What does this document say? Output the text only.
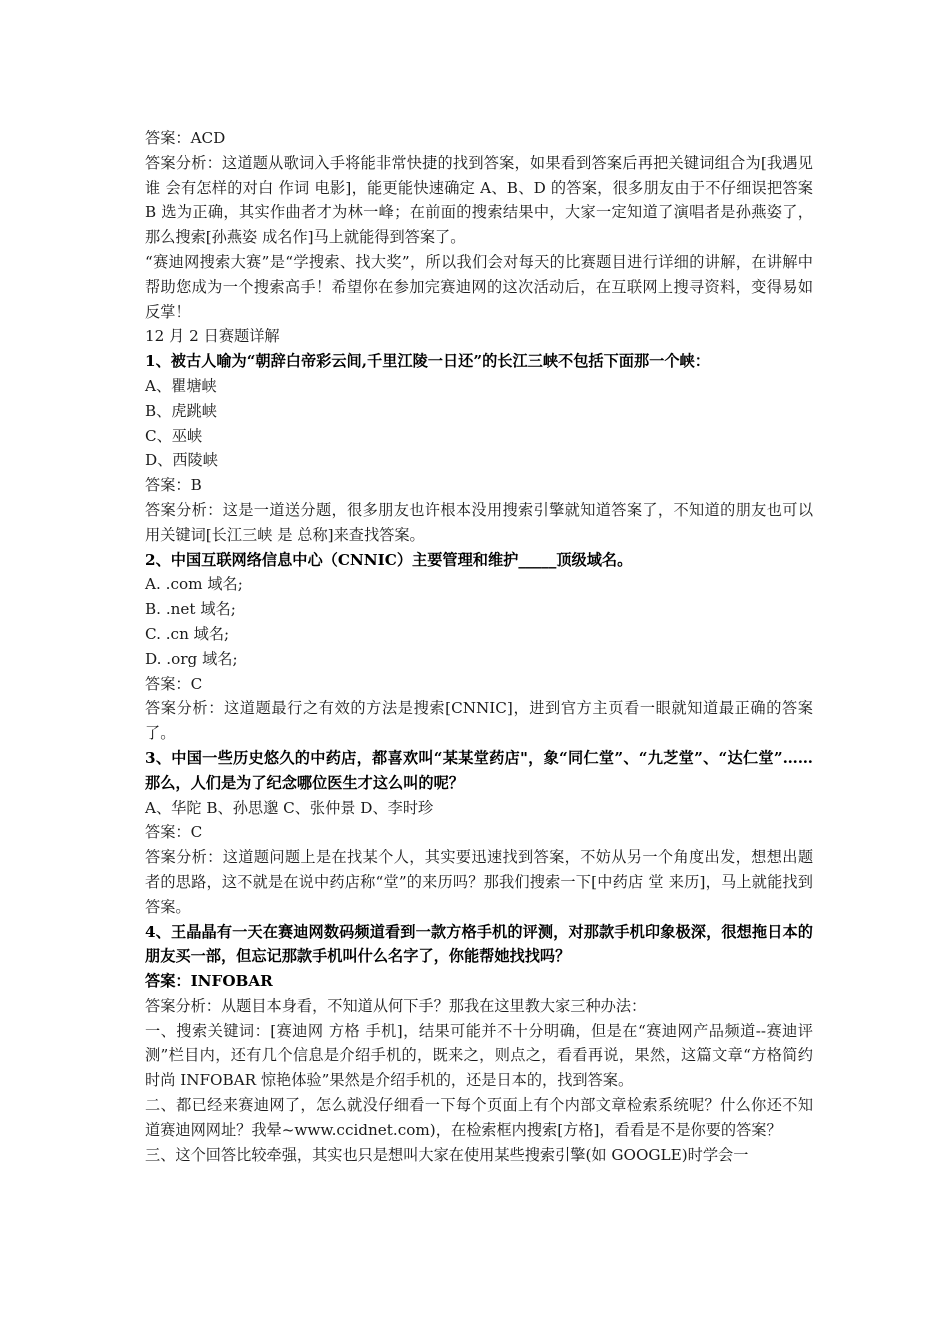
答案：ACD

答案分析：这道题从歌词入手将能非常快捷的找到答案，如果看到答案后再把关键词组合为[我遇见谁 会有怎样的对白 作词 电影]，能更能快速确定 A、B、D 的答案，很多朋友由于不仔细误把答案 B 选为正确，其实作曲者才为林一峰；在前面的搜索结果中，大家一定知道了演唱者是孙燕姿了，那么搜索[孙燕姿 成名作]马上就能得到答案了。

“赛迪网搜索大赛”是“学搜索、找大奖”，所以我们会对每天的比赛题目进行详细的讲解，在讲解中帮助您成为一个搜索高手！希望你在参加完赛迪网的这次活动后，在互联网上搜寻资料，变得易如反掌！

12 月 2 日赛题详解

1、被古人喻为“朝辞白帝彩云间,千里江陵一日还”的长江三峡不包括下面那一个峡：

A、瞿塘峡

B、虎跳峡

C、巫峡

D、西陵峡

答案：B

答案分析：这是一道送分题，很多朋友也许根本没用搜索引擎就知道答案了，不知道的朋友也可以用关键词[长江三峡 是 总称]来查找答案。

2、中国互联网络信息中心（CNNIC）主要管理和维护_____顶级域名。

A. .com 域名;

B. .net 域名;

C. .cn 域名;

D. .org 域名;

答案：C

答案分析：这道题最行之有效的方法是搜索[CNNIC]，进到官方主页看一眼就知道最正确的答案了。

3、中国一些历史悠久的中药店，都喜欢叫“某某堂药店"，象“同仁堂”、“九芝堂”、“达仁堂”……那么，人们是为了纪念哪位医生才这么叫的呢？

A、华陀 B、孙思邈 C、张仲景 D、李时珍

答案：C

答案分析：这道题问题上是在找某个人，其实要迅速找到答案，不妨从另一个角度出发，想想出题者的思路，这不就是在说中药店称“堂”的来历吗？那我们搜索一下[中药店 堂 来历]，马上就能找到答案。

4、王晶晶有一天在赛迪网数码频道看到一款方格手机的评测，对那款手机印象极深，很想拖日本的朋友买一部，但忘记那款手机叫什么名字了，你能帮她找找吗？

答案：INFOBAR

答案分析：从题目本身看，不知道从何下手？那我在这里教大家三种办法：

一、搜索关键词：[赛迪网 方格 手机]，结果可能并不十分明确，但是在“赛迪网产品频道--赛迪评测”栏目内，还有几个信息是介绍手机的，既来之，则点之，看看再说，果然，这篇文章“方格简约时尚 INFOBAR 惊艳体验”果然是介绍手机的，还是日本的，找到答案。

二、都已经来赛迪网了，怎么就没仔细看一下每个页面上有个内部文章检索系统呢？什么你还不知道赛迪网网址？我晕~www.ccidnet.com)，在检索框内搜索[方格]，看看是不是你要的答案？

三、这个回答比较牵强，其实也只是想叫大家在使用某些搜索引擎(如 GOOGLE)时学会一
